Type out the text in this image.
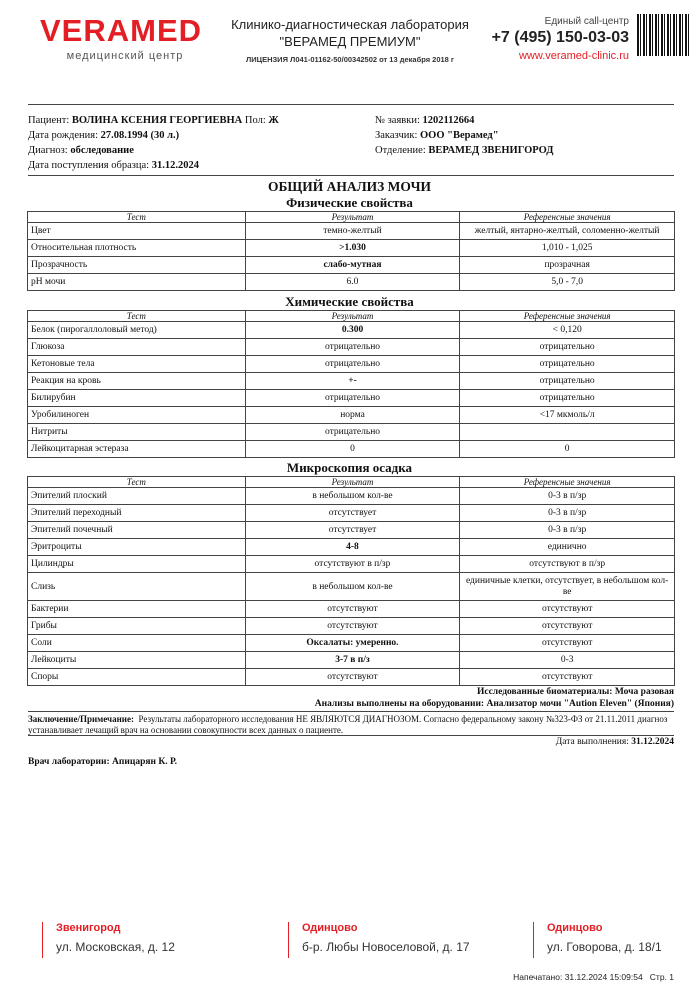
VERAMED
медицинский центр
Клинико-диагностическая лаборатория
"ВЕРАМЕД ПРЕМИУМ"
ЛИЦЕНЗИЯ Л041-01162-50/00342502 от 13 декабря 2018 г
Единый call-центр
+7 (495) 150-03-03
www.veramed-clinic.ru
Пациент: ВОЛИНА КСЕНИЯ ГЕОРГИЕВНА Пол: Ж
Дата рождения: 27.08.1994 (30 л.)
Диагноз: обследование
Дата поступления образца: 31.12.2024
№ заявки: 1202112664
Заказчик: ООО "Верамед"
Отделение: ВЕРАМЕД ЗВЕНИГОРОД
ОБЩИЙ АНАЛИЗ МОЧИ
Физические свойства
Тест	Результат	Референсные значения
Цвет	темно-желтый	желтый, янтарно-желтый, соломенно-желтый
Относительная плотность	>1.030	1,010 - 1,025
Прозрачность	слабо-мутная	прозрачная
pH мочи	6.0	5,0 - 7,0
Химические свойства
Тест	Результат	Референсные значения
Белок (пирогаллоловый метод)	0.300	< 0,120
Глюкоза	отрицательно	отрицательно
Кетоновые тела	отрицательно	отрицательно
Реакция на кровь	+-	отрицательно
Билирубин	отрицательно	отрицательно
Уробилиноген	норма	<17 мкмоль/л
Нитриты	отрицательно	
Лейкоцитарная эстераза	0	0
Микроскопия осадка
Тест	Результат	Референсные значения
Эпителий плоский	в небольшом кол-ве	0-3 в п/зр
Эпителий переходный	отсутствует	0-3 в п/зр
Эпителий почечный	отсутствует	0-3 в п/зр
Эритроциты	4-8	единично
Цилиндры	отсутствуют в п/зр	отсутствуют в п/зр
Слизь	в небольшом кол-ве	единичные клетки, отсутствует, в небольшом кол-ве
Бактерии	отсутствуют	отсутствуют
Грибы	отсутствуют	отсутствуют
Соли	Оксалаты: умеренно.	отсутствуют
Лейкоциты	3-7 в п/з	0-3
Споры	отсутствуют	отсутствуют
Исследованные биоматериалы: Моча разовая
Анализы выполнены на оборудовании: Анализатор мочи "Aution Eleven" (Япония)
Заключение/Примечание: Результаты лабораторного исследования НЕ ЯВЛЯЮТСЯ ДИАГНОЗОМ. Согласно федеральному закону №323-ФЗ от 21.11.2011 диагноз устанавливает лечащий врач на основании совокупности всех данных о пациенте.
Дата выполнения: 31.12.2024
Врач лаборатории: Апицарян К. Р.
Звенигород
ул. Московская, д. 12
Одинцово
б-р. Любы Новоселовой, д. 17
Одинцово
ул. Говорова, д. 18/1
Напечатано: 31.12.2024 15:09:54 Стр. 1
